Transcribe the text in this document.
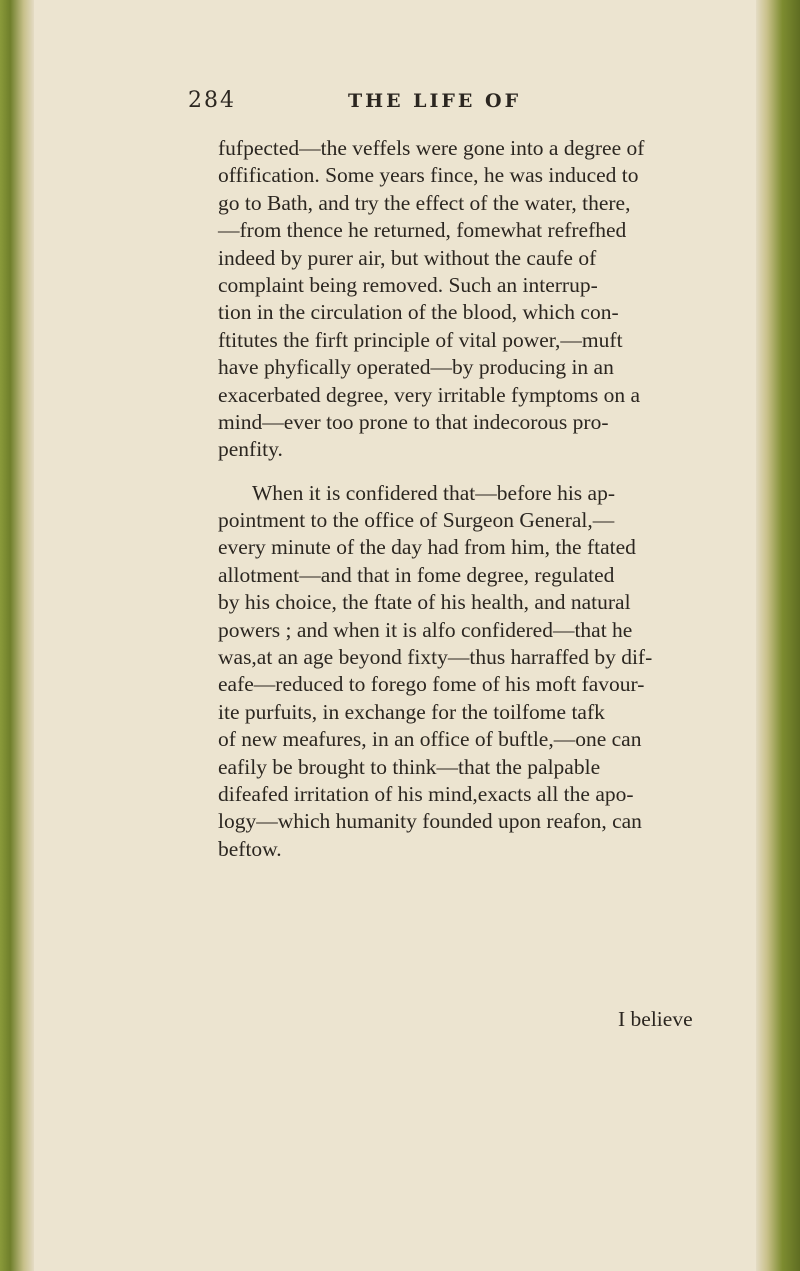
284	THE LIFE OF
fufpected—the veffels were gone into a degree of
offification. Some years fince, he was induced to
go to Bath, and try the effect of the water, there,
—from thence he returned, fomewhat refrefhed
indeed by purer air, but without the caufe of
complaint being removed. Such an interrup-
tion in the circulation of the blood, which con-
ftitutes the firft principle of vital power,—muft
have phyfically operated—by producing in an
exacerbated degree, very irritable fymptoms on a
mind—ever too prone to that indecorous pro-
penfity.
When it is confidered that—before his ap-
pointment to the office of Surgeon General,—
every minute of the day had from him, the ftated
allotment—and that in fome degree, regulated
by his choice, the ftate of his health, and natural
powers ; and when it is alfo confidered—that he
was,at an age beyond fixty—thus harraffed by dif-
eafe—reduced to forego fome of his moft favour-
ite purfuits, in exchange for the toilfome tafk
of new meafures, in an office of buftle,—one can
eafily be brought to think—that the palpable
difeafed irritation of his mind,exacts all the apo-
logy—which humanity founded upon reafon, can
beftow.
I believe
